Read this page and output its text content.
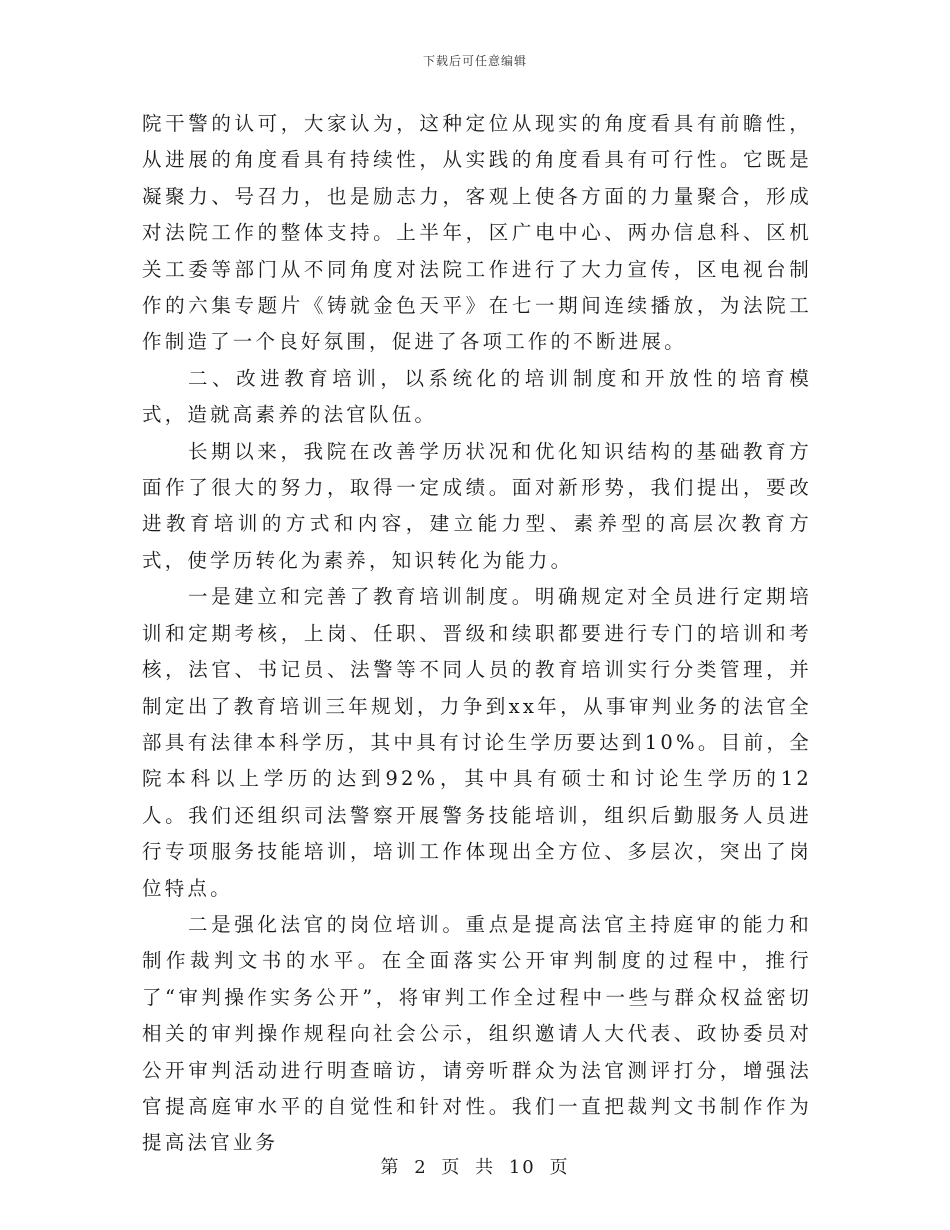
下载后可任意编辑

院干警的认可，大家认为，这种定位从现实的角度看具有前瞻性，从进展的角度看具有持续性，从实践的角度看具有可行性。它既是凝聚力、号召力，也是励志力，客观上使各方面的力量聚合，形成对法院工作的整体支持。上半年，区广电中心、两办信息科、区机关工委等部门从不同角度对法院工作进行了大力宣传，区电视台制作的六集专题片《铸就金色天平》在七一期间连续播放，为法院工作制造了一个良好氛围，促进了各项工作的不断进展。

二、改进教育培训，以系统化的培训制度和开放性的培育模式，造就高素养的法官队伍。

长期以来，我院在改善学历状况和优化知识结构的基础教育方面作了很大的努力，取得一定成绩。面对新形势，我们提出，要改进教育培训的方式和内容，建立能力型、素养型的高层次教育方式，使学历转化为素养，知识转化为能力。

一是建立和完善了教育培训制度。明确规定对全员进行定期培训和定期考核，上岗、任职、晋级和续职都要进行专门的培训和考核，法官、书记员、法警等不同人员的教育培训实行分类管理，并制定出了教育培训三年规划，力争到xx年，从事审判业务的法官全部具有法律本科学历，其中具有讨论生学历要达到10%。目前，全院本科以上学历的达到92%，其中具有硕士和讨论生学历的12人。我们还组织司法警察开展警务技能培训，组织后勤服务人员进行专项服务技能培训，培训工作体现出全方位、多层次，突出了岗位特点。

二是强化法官的岗位培训。重点是提高法官主持庭审的能力和制作裁判文书的水平。在全面落实公开审判制度的过程中，推行了“审判操作实务公开”，将审判工作全过程中一些与群众权益密切相关的审判操作规程向社会公示，组织邀请人大代表、政协委员对公开审判活动进行明查暗访，请旁听群众为法官测评打分，增强法官提高庭审水平的自觉性和针对性。我们一直把裁判文书制作作为提高法官业务

第 2 页 共 10 页
